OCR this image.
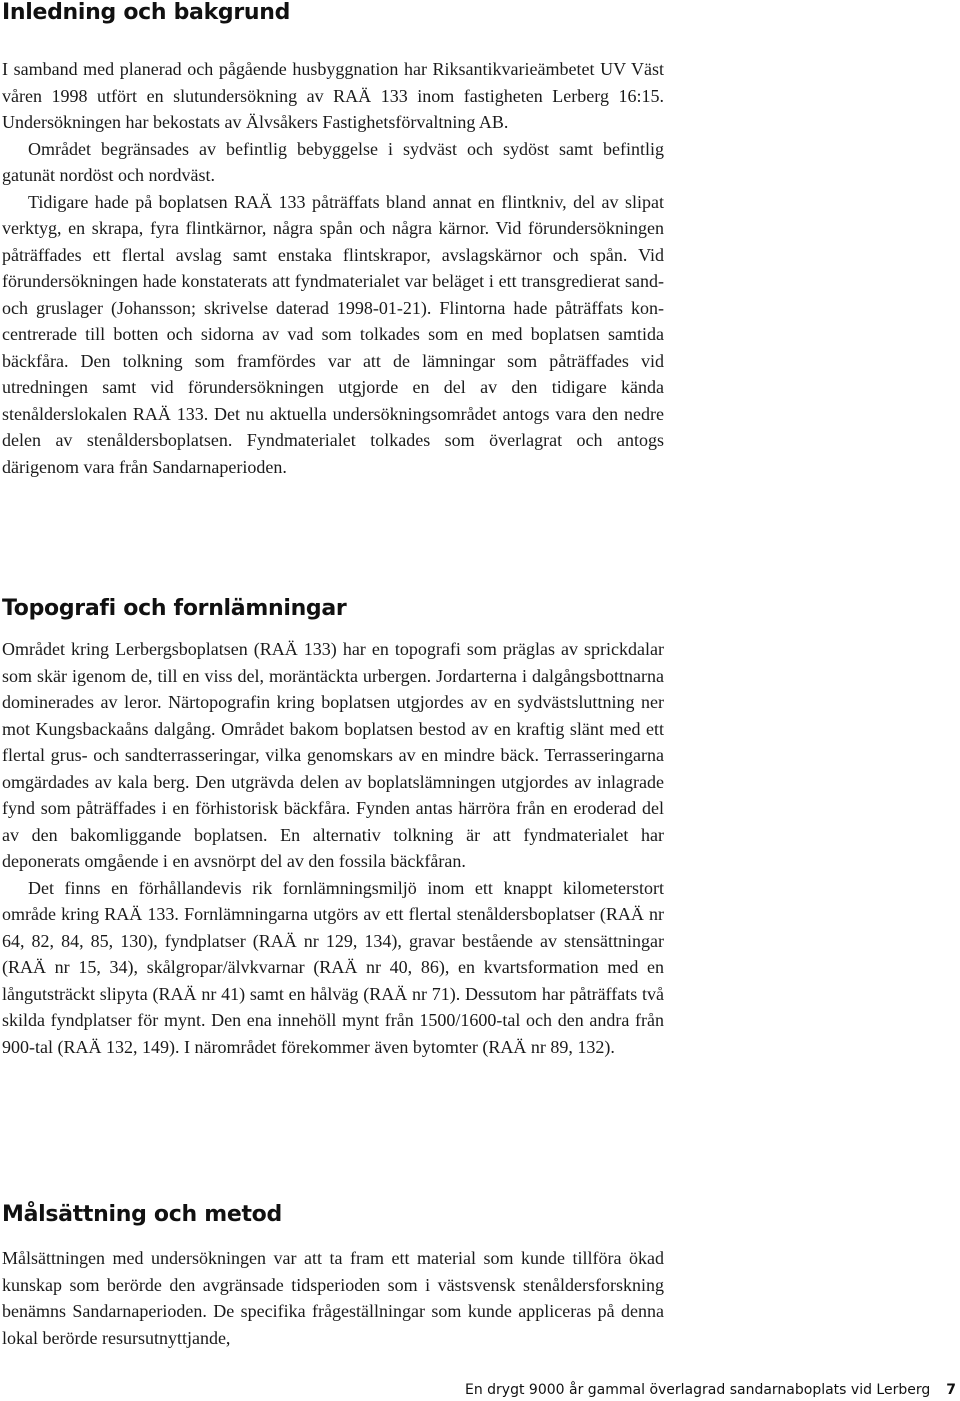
Inledning och bakgrund

I samband med planerad och pågående husbyggnation har Riksantikvarieämbetet UV Väst våren 1998 utfört en slutundersökning av RAÄ 133 inom fastigheten Lerberg 16:15. Undersökningen har bekostats av Älvsåkers Fastighetsförvaltning AB.

Området begränsades av befintlig bebyggelse i sydväst och sydöst samt befintlig gatunät nordöst och nordväst.

Tidigare hade på boplatsen RAÄ 133 påträffats bland annat en flintkniv, del av slipat verktyg, en skrapa, fyra flintkärnor, några spån och några kärnor. Vid förundersökningen påträffades ett flertal avslag samt enstaka flintskrapor, avslagskärnor och spån. Vid förundersökningen hade konstaterats att fyndmaterialet var beläget i ett transgredierat sand- och gruslager (Johansson; skrivelse daterad 1998-01-21). Flintorna hade påträffats koncentrerade till botten och sidorna av vad som tolkades som en med boplatsen samtida bäckfåra. Den tolkning som framfördes var att de lämningar som påträffades vid utredningen samt vid förundersökningen utgjorde en del av den tidigare kända stenålderslokalen RAÄ 133. Det nu aktuella undersökningsområdet antogs vara den nedre delen av stenåldersboplatsen. Fyndmaterialet tolkades som överlagrat och antogs därigenom vara från Sandarnaperioden.

Topografi och fornlämningar

Området kring Lerbergsboplatsen (RAÄ 133) har en topografi som präglas av sprickdalar som skär igenom de, till en viss del, moräntäckta urbergen. Jordarterna i dalgångsbottnarna dominerades av leror. Närtopografin kring boplatsen utgjordes av en sydvästsluttning ner mot Kungsbackaåns dalgång. Området bakom boplatsen bestod av en kraftig slänt med ett flertal grus- och sandterrasseringar, vilka genomskars av en mindre bäck. Terrasseringarna omgärdades av kala berg. Den utgrävda delen av boplatslämningen utgjordes av inlagrade fynd som påträffades i en förhistorisk bäckfåra. Fynden antas härröra från en eroderad del av den bakomliggande boplatsen. En alternativ tolkning är att fyndmaterialet har deponerats omgående i en avsnörpt del av den fossila bäckfåran.

Det finns en förhållandevis rik fornlämningsmiljö inom ett knappt kilometerstort område kring RAÄ 133. Fornlämningarna utgörs av ett flertal stenåldersboplatser (RAÄ nr 64, 82, 84, 85, 130), fyndplatser (RAÄ nr 129, 134), gravar bestående av stensättningar (RAÄ nr 15, 34), skålgropar/älvkvarnar (RAÄ nr 40, 86), en kvartsformation med en långutsträckt slipyta (RAÄ nr 41) samt en hålväg (RAÄ nr 71). Dessutom har påträffats två skilda fyndplatser för mynt. Den ena innehöll mynt från 1500/1600-tal och den andra från 900-tal (RAÄ 132, 149). I närområdet förekommer även bytomter (RAÄ nr 89, 132).

Målsättning och metod

Målsättningen med undersökningen var att ta fram ett material som kunde tillföra ökad kunskap som berörde den avgränsade tidsperioden som i västsvensk stenåldersforskning benämns Sandarnaperioden. De specifika frågeställningar som kunde appliceras på denna lokal berörde resursutnyttjande,

En drygt 9000 år gammal överlagrad sandarnaboplats vid Lerberg 7
